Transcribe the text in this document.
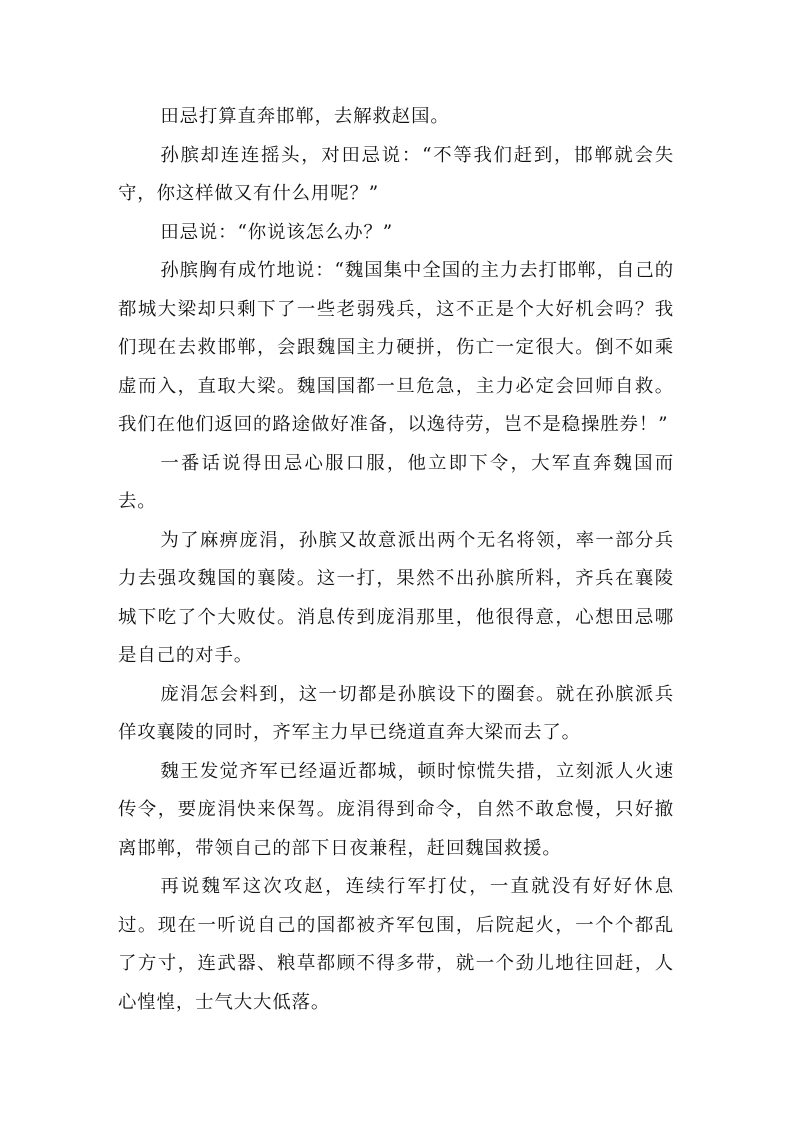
田忌打算直奔邯郸，去解救赵国。

孙膑却连连摇头，对田忌说：“不等我们赶到，邯郸就会失守，你这样做又有什么用呢？”

田忌说：“你说该怎么办？”

孙膑胸有成竹地说：“魏国集中全国的主力去打邯郸，自己的都城大梁却只剩下了一些老弱残兵，这不正是个大好机会吗？我们现在去救邯郸，会跟魏国主力硬拼，伤亡一定很大。倒不如乘虚而入，直取大梁。魏国国都一旦危急，主力必定会回师自救。我们在他们返回的路途做好准备，以逸待劳，岂不是稳操胜券！”

一番话说得田忌心服口服，他立即下令，大军直奔魏国而去。

为了麻痹庞涓，孙膑又故意派出两个无名将领，率一部分兵力去强攻魏国的襄陵。这一打，果然不出孙膑所料，齐兵在襄陵城下吃了个大败仗。消息传到庞涓那里，他很得意，心想田忌哪是自己的对手。

庞涓怎会料到，这一切都是孙膑设下的圈套。就在孙膑派兵佯攻襄陵的同时，齐军主力早已绕道直奔大梁而去了。

魏王发觉齐军已经逼近都城，顿时惊慌失措，立刻派人火速传令，要庞涓快来保驾。庞涓得到命令，自然不敢怠慢，只好撤离邯郸，带领自己的部下日夜兼程，赶回魏国救援。

再说魏军这次攻赵，连续行军打仗，一直就没有好好休息过。现在一听说自己的国都被齐军包围，后院起火，一个个都乱了方寸，连武器、粮草都顾不得多带，就一个劲儿地往回赶，人心惶惶，士气大大低落。
